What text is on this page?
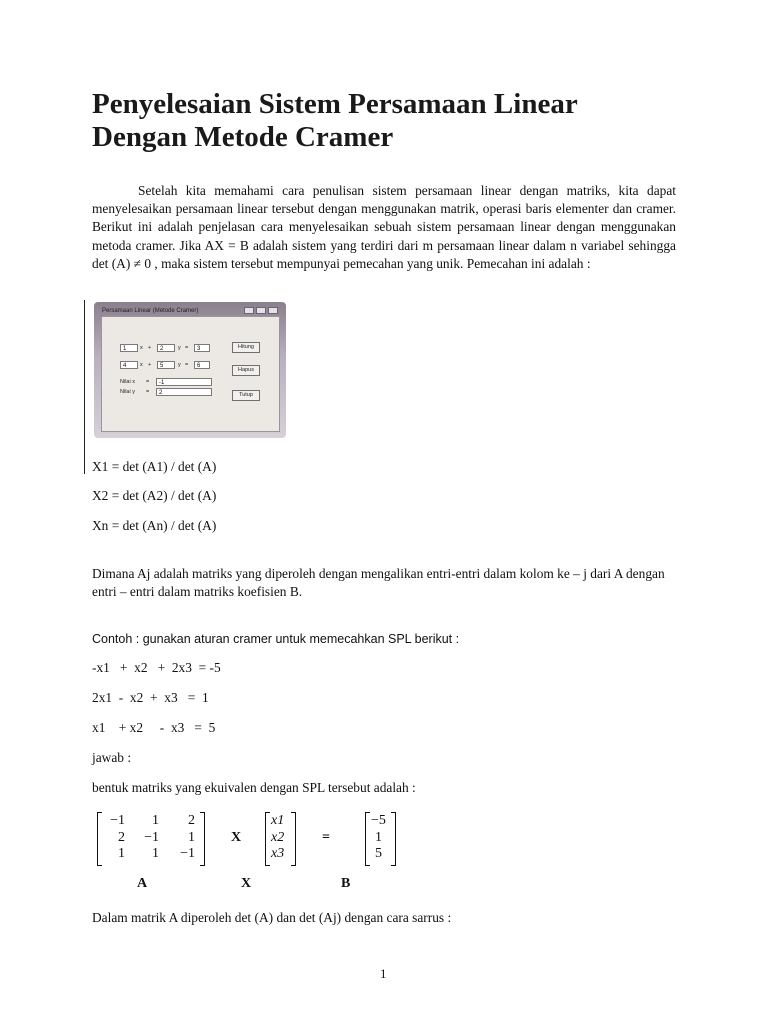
Penyelesaian Sistem Persamaan Linear
Dengan Metode Cramer

Setelah kita memahami cara penulisan sistem persamaan linear dengan matriks, kita dapat menyelesaikan persamaan linear tersebut dengan menggunakan matrik, operasi baris elementer dan cramer. Berikut ini adalah penjelasan cara menyelesaikan sebuah sistem persamaan linear dengan menggunakan metoda cramer. Jika AX = B adalah sistem yang terdiri dari m persamaan linear dalam n variabel sehingga det (A) ≠ 0 , maka sistem tersebut mempunyai pemecahan yang unik. Pemecahan ini adalah :

Persamaan Linear (Metode Cramer)
1	x +	2	y =	3
4	x +	5	y =	6
Nilai x =	-1
Nilai y =	2
Hitung
Hapus
Tutup

X1 = det (A1) / det (A)

X2 = det (A2) / det (A)

Xn = det (An) / det (A)

Dimana Aj adalah matriks yang diperoleh dengan mengalikan entri-entri dalam kolom ke – j dari A dengan entri – entri dalam matriks koefisien B.

Contoh : gunakan aturan cramer untuk memecahkan SPL berikut :

-x1   +  x2   +  2x3  = -5

2x1  -  x2  +  x3   =  1

x1    + x2     -  x3   =  5

jawab :

bentuk matriks yang ekuivalen dengan SPL tersebut adalah :

−1	1	2
2	−1	1
1	1	−1
X
x1
x2
x3
=
−5
1
5
A	X	B

Dalam matrik A diperoleh det (A) dan det (Aj) dengan cara sarrus :

1
